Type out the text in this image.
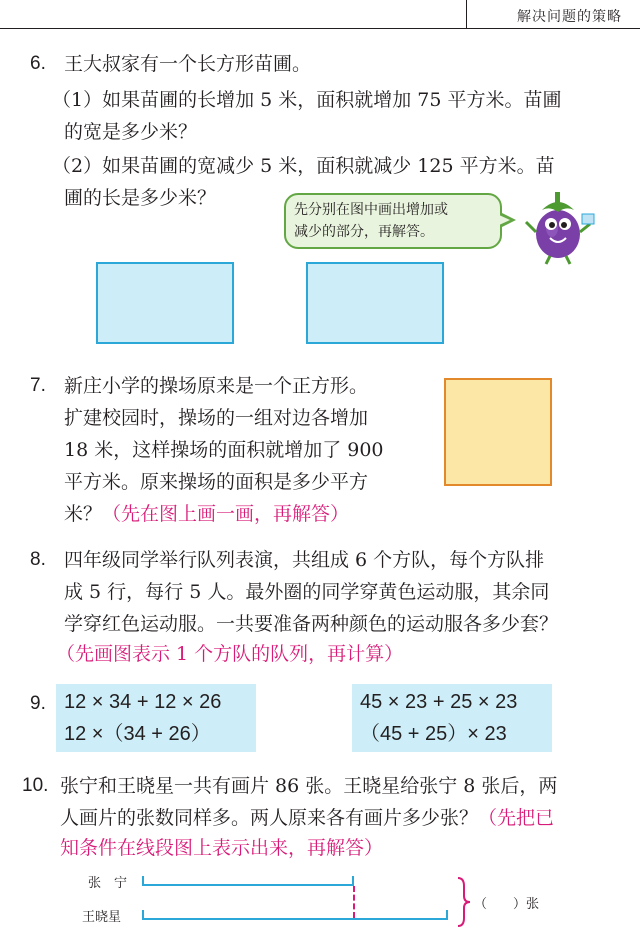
解决问题的策略
6. 王大叔家有一个长方形苗圃。
（1）如果苗圃的长增加 5 米，面积就增加 75 平方米。苗圃
的宽是多少米？
（2）如果苗圃的宽减少 5 米，面积就减少 125 平方米。苗
圃的长是多少米？
先分别在图中画出增加或
减少的部分，再解答。
7. 新庄小学的操场原来是一个正方形。
扩建校园时，操场的一组对边各增加
18 米，这样操场的面积就增加了 900
平方米。原来操场的面积是多少平方
米？（先在图上画一画，再解答）
8. 四年级同学举行队列表演，共组成 6 个方队，每个方队排
成 5 行，每行 5 人。最外圈的同学穿黄色运动服，其余同
学穿红色运动服。一共要准备两种颜色的运动服各多少套？
（先画图表示 1 个方队的队列，再计算）
9. 12 × 34 + 12 × 26
12 ×（34 + 26）
45 × 23 + 25 × 23
（45 + 25）× 23
10. 张宁和王晓星一共有画片 86 张。王晓星给张宁 8 张后，两
人画片的张数同样多。两人原来各有画片多少张？（先把已
知条件在线段图上表示出来，再解答）
张　宁
王晓星
（　　）张
